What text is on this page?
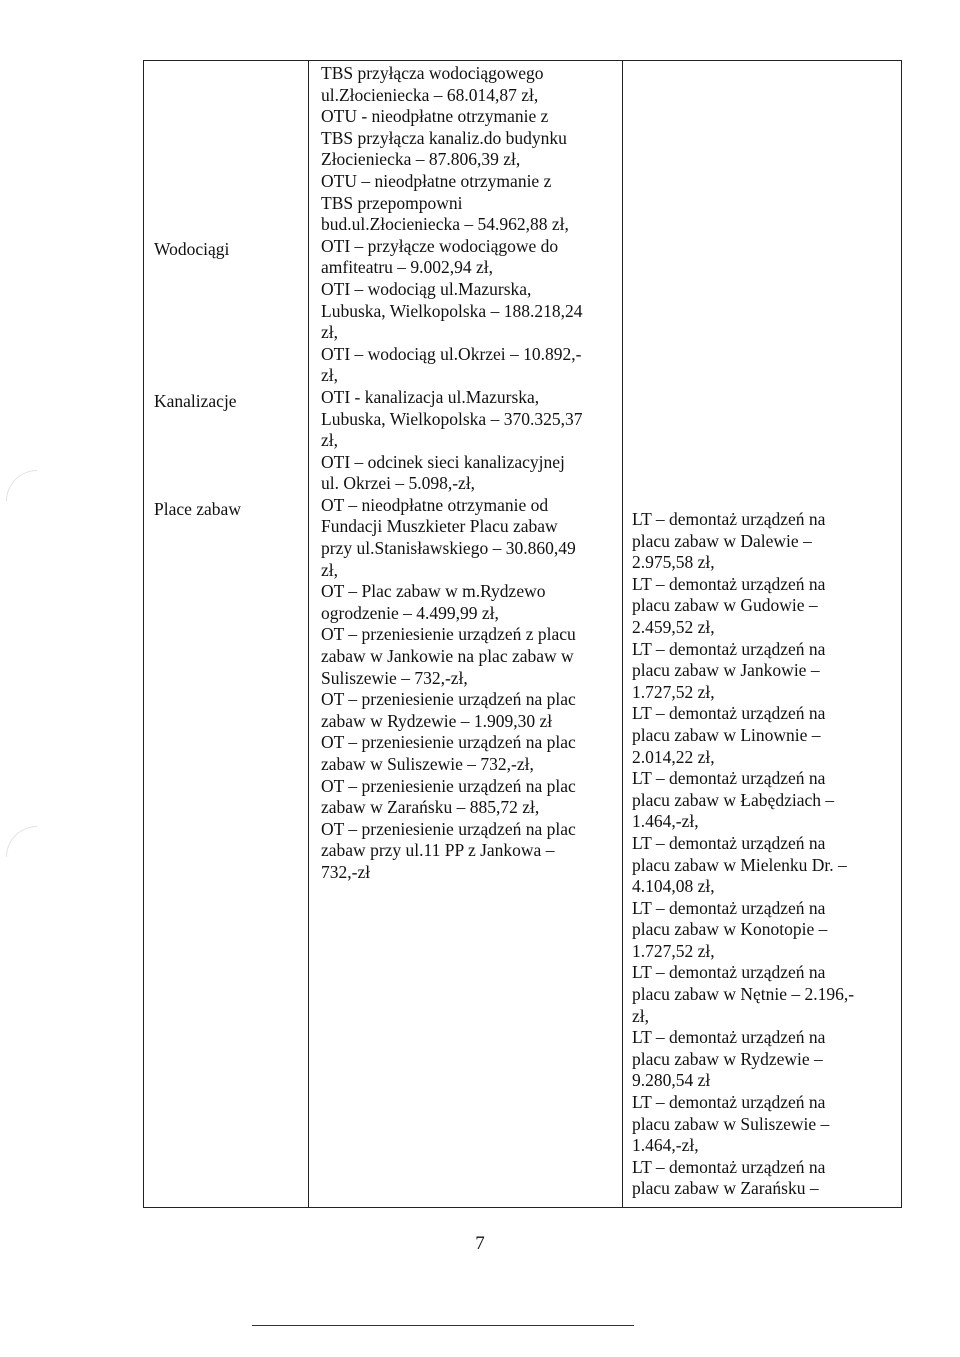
Wodociągi
Kanalizacje
Place zabaw
TBS przyłącza wodociągowego
ul.Złocieniecka – 68.014,87 zł,
OTU - nieodpłatne otrzymanie z
TBS przyłącza kanaliz.do budynku
Złocieniecka – 87.806,39 zł,
OTU – nieodpłatne otrzymanie z
TBS przepompowni
bud.ul.Złocieniecka – 54.962,88 zł,
OTI – przyłącze wodociągowe do
amfiteatru – 9.002,94 zł,
OTI – wodociąg ul.Mazurska,
Lubuska, Wielkopolska – 188.218,24
zł,
OTI – wodociąg ul.Okrzei – 10.892,-
zł,
OTI - kanalizacja ul.Mazurska,
Lubuska, Wielkopolska – 370.325,37
zł,
OTI – odcinek sieci kanalizacyjnej
ul. Okrzei – 5.098,-zł,
OT – nieodpłatne otrzymanie od
Fundacji Muszkieter Placu zabaw
przy ul.Stanisławskiego – 30.860,49
zł,
OT – Plac zabaw w m.Rydzewo
ogrodzenie – 4.499,99 zł,
OT – przeniesienie urządzeń z placu
zabaw w Jankowie na plac zabaw w
Suliszewie – 732,-zł,
OT – przeniesienie urządzeń na plac
zabaw w Rydzewie – 1.909,30 zł
OT – przeniesienie urządzeń na plac
zabaw w Suliszewie – 732,-zł,
OT – przeniesienie urządzeń na plac
zabaw w Zarańsku – 885,72 zł,
OT – przeniesienie urządzeń na plac
zabaw przy ul.11 PP z Jankowa –
732,-zł
LT – demontaż urządzeń na
placu zabaw w Dalewie –
2.975,58 zł,
LT – demontaż urządzeń na
placu zabaw w Gudowie –
2.459,52 zł,
LT – demontaż urządzeń na
placu zabaw w Jankowie –
1.727,52 zł,
LT – demontaż urządzeń na
placu zabaw w Linownie –
2.014,22 zł,
LT – demontaż urządzeń na
placu zabaw w Łabędziach –
1.464,-zł,
LT – demontaż urządzeń na
placu zabaw w Mielenku Dr. –
4.104,08 zł,
LT – demontaż urządzeń na
placu zabaw w Konotopie –
1.727,52 zł,
LT – demontaż urządzeń na
placu zabaw w Nętnie – 2.196,-
zł,
LT – demontaż urządzeń na
placu zabaw w Rydzewie –
9.280,54 zł
LT – demontaż urządzeń na
placu zabaw w Suliszewie –
1.464,-zł,
LT – demontaż urządzeń na
placu zabaw w Zarańsku –
7
